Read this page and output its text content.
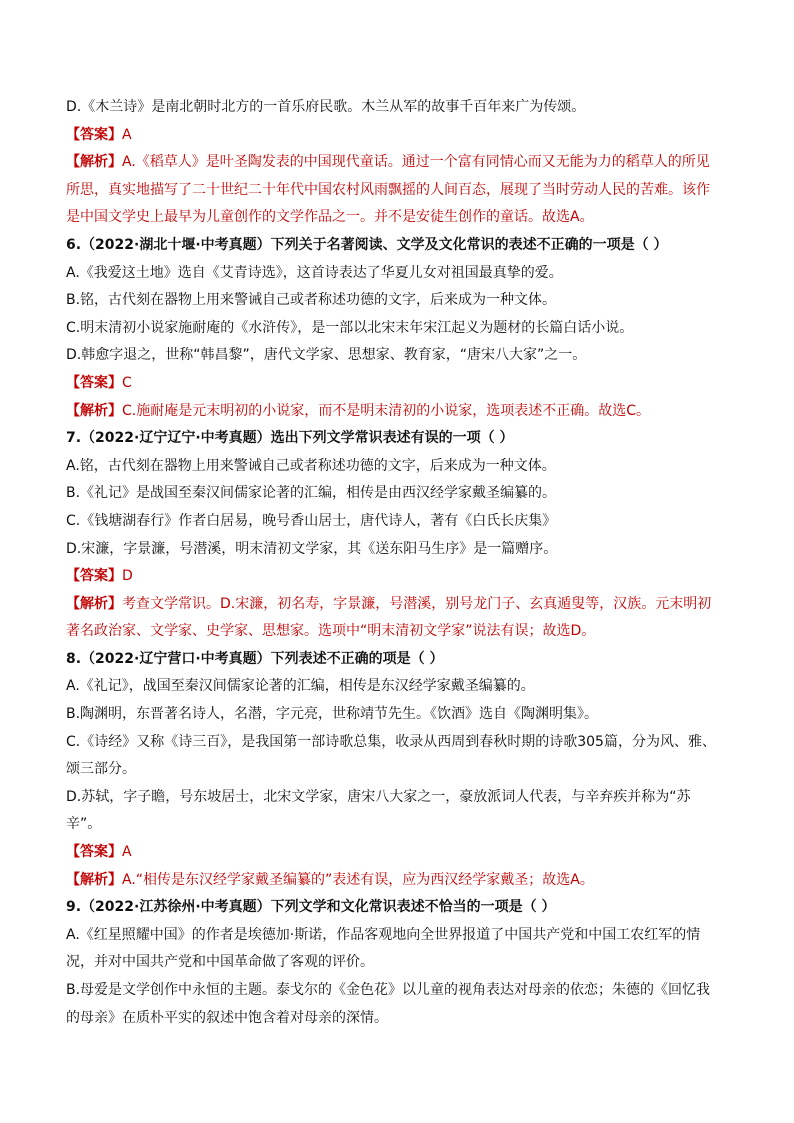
D.《木兰诗》是南北朝时北方的一首乐府民歌。木兰从军的故事千百年来广为传颂。
【答案】A
【解析】A.《稻草人》是叶圣陶发表的中国现代童话。通过一个富有同情心而又无能为力的稻草人的所见
所思，真实地描写了二十世纪二十年代中国农村风雨飘摇的人间百态，展现了当时劳动人民的苦难。该作
是中国文学史上最早为儿童创作的文学作品之一。并不是安徒生创作的童话。故选A。
6.（2022·湖北十堰·中考真题）下列关于名著阅读、文学及文化常识的表述不正确的一项是（ ）
A.《我爱这土地》选自《艾青诗选》，这首诗表达了华夏儿女对祖国最真挚的爱。
B.铭，古代刻在器物上用来警诫自己或者称述功德的文字，后来成为一种文体。
C.明末清初小说家施耐庵的《水浒传》，是一部以北宋末年宋江起义为题材的长篇白话小说。
D.韩愈字退之，世称“韩昌黎”，唐代文学家、思想家、教育家，“唐宋八大家”之一。
【答案】C
【解析】C.施耐庵是元末明初的小说家，而不是明末清初的小说家，选项表述不正确。故选C。
7.（2022·辽宁辽宁·中考真题）选出下列文学常识表述有误的一项（ ）
A.铭，古代刻在器物上用来警诫自己或者称述功德的文字，后来成为一种文体。
B.《礼记》是战国至秦汉间儒家论著的汇编，相传是由西汉经学家戴圣编纂的。
C.《钱塘湖春行》作者白居易，晚号香山居士，唐代诗人，著有《白氏长庆集》
D.宋濂，字景濂，号潜溪，明末清初文学家，其《送东阳马生序》是一篇赠序。
【答案】D
【解析】考查文学常识。D.宋濂，初名寿，字景濂，号潜溪，别号龙门子、玄真遁叟等，汉族。元末明初
著名政治家、文学家、史学家、思想家。选项中“明末清初文学家”说法有误；故选D。
8.（2022·辽宁营口·中考真题）下列表述不正确的项是（ ）
A.《礼记》，战国至秦汉间儒家论著的汇编，相传是东汉经学家戴圣编纂的。
B.陶渊明，东晋著名诗人，名潜，字元亮，世称靖节先生。《饮酒》选自《陶渊明集》。
C.《诗经》又称《诗三百》，是我国第一部诗歌总集，收录从西周到春秋时期的诗歌305篇，分为风、雅、
颂三部分。
D.苏轼，字子瞻，号东坡居士，北宋文学家，唐宋八大家之一，豪放派词人代表，与辛弃疾并称为“苏
辛”。
【答案】A
【解析】A.“相传是东汉经学家戴圣编纂的”表述有误，应为西汉经学家戴圣；故选A。
9.（2022·江苏徐州·中考真题）下列文学和文化常识表述不恰当的一项是（ ）
A.《红星照耀中国》的作者是埃德加·斯诺，作品客观地向全世界报道了中国共产党和中国工农红军的情
况，并对中国共产党和中国革命做了客观的评价。
B.母爱是文学创作中永恒的主题。泰戈尔的《金色花》以儿童的视角表达对母亲的依恋；朱德的《回忆我
的母亲》在质朴平实的叙述中饱含着对母亲的深情。
